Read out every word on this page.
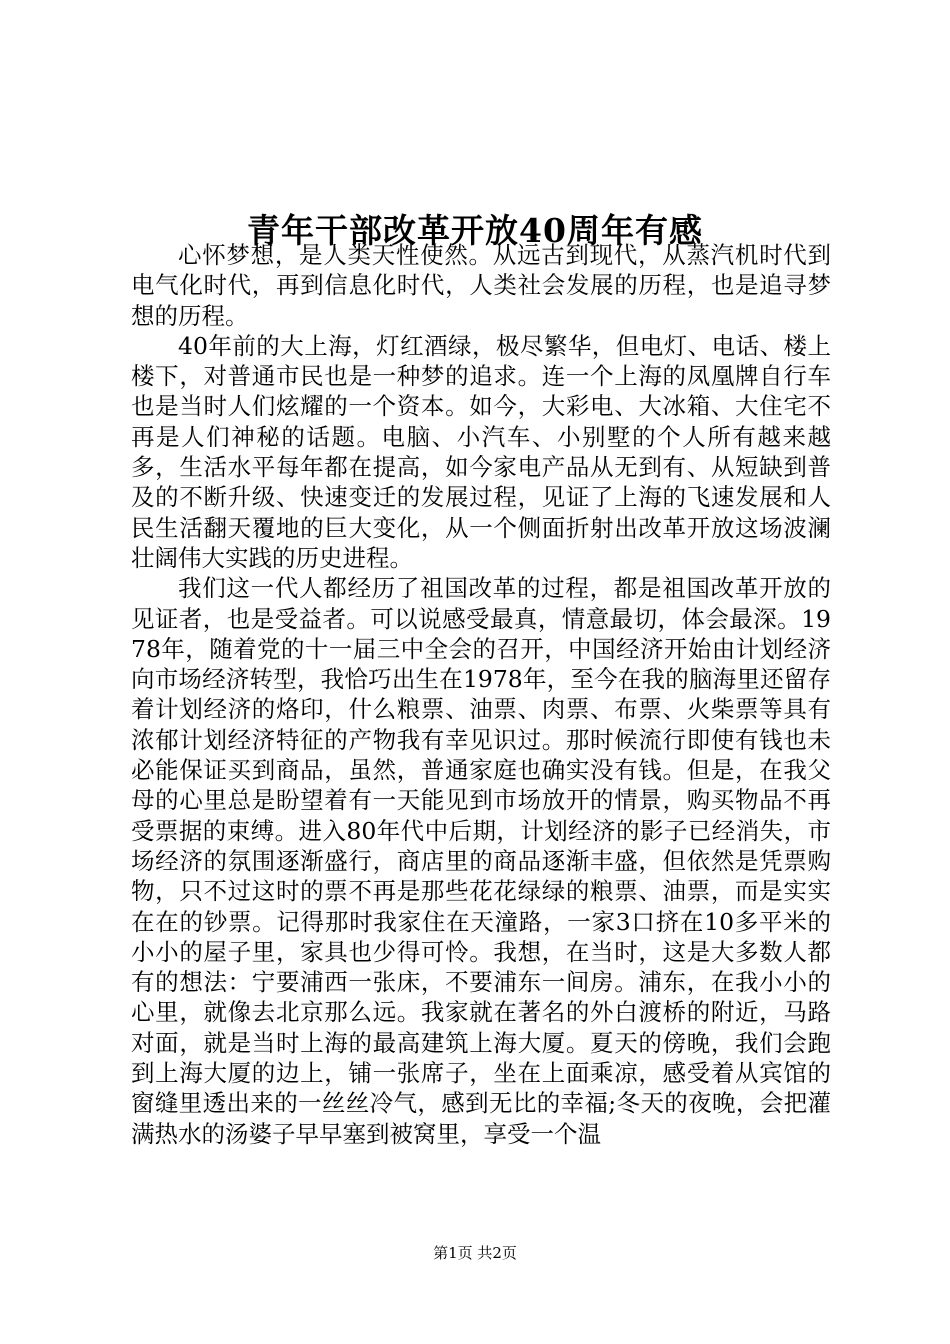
青年干部改革开放40周年有感

心怀梦想，是人类天性使然。从远古到现代，从蒸汽机时代到电气化时代，再到信息化时代，人类社会发展的历程，也是追寻梦想的历程。

40年前的大上海，灯红酒绿，极尽繁华，但电灯、电话、楼上楼下，对普通市民也是一种梦的追求。连一个上海的凤凰牌自行车也是当时人们炫耀的一个资本。如今，大彩电、大冰箱、大住宅不再是人们神秘的话题。电脑、小汽车、小别墅的个人所有越来越多，生活水平每年都在提高，如今家电产品从无到有、从短缺到普及的不断升级、快速变迁的发展过程，见证了上海的飞速发展和人民生活翻天覆地的巨大变化，从一个侧面折射出改革开放这场波澜壮阔伟大实践的历史进程。

我们这一代人都经历了祖国改革的过程，都是祖国改革开放的见证者，也是受益者。可以说感受最真，情意最切，体会最深。1978年，随着党的十一届三中全会的召开，中国经济开始由计划经济向市场经济转型，我恰巧出生在1978年，至今在我的脑海里还留存着计划经济的烙印，什么粮票、油票、肉票、布票、火柴票等具有浓郁计划经济特征的产物我有幸见识过。那时候流行即使有钱也未必能保证买到商品，虽然，普通家庭也确实没有钱。但是，在我父母的心里总是盼望着有一天能见到市场放开的情景，购买物品不再受票据的束缚。进入80年代中后期，计划经济的影子已经消失，市场经济的氛围逐渐盛行，商店里的商品逐渐丰盛，但依然是凭票购物，只不过这时的票不再是那些花花绿绿的粮票、油票，而是实实在在的钞票。记得那时我家住在天潼路，一家3口挤在10多平米的小小的屋子里，家具也少得可怜。我想，在当时，这是大多数人都有的想法：宁要浦西一张床，不要浦东一间房。浦东，在我小小的心里，就像去北京那么远。我家就在著名的外白渡桥的附近，马路对面，就是当时上海的最高建筑上海大厦。夏天的傍晚，我们会跑到上海大厦的边上，铺一张席子，坐在上面乘凉，感受着从宾馆的窗缝里透出来的一丝丝冷气，感到无比的幸福;冬天的夜晚，会把灌满热水的汤婆子早早塞到被窝里，享受一个温

第1页 共2页
